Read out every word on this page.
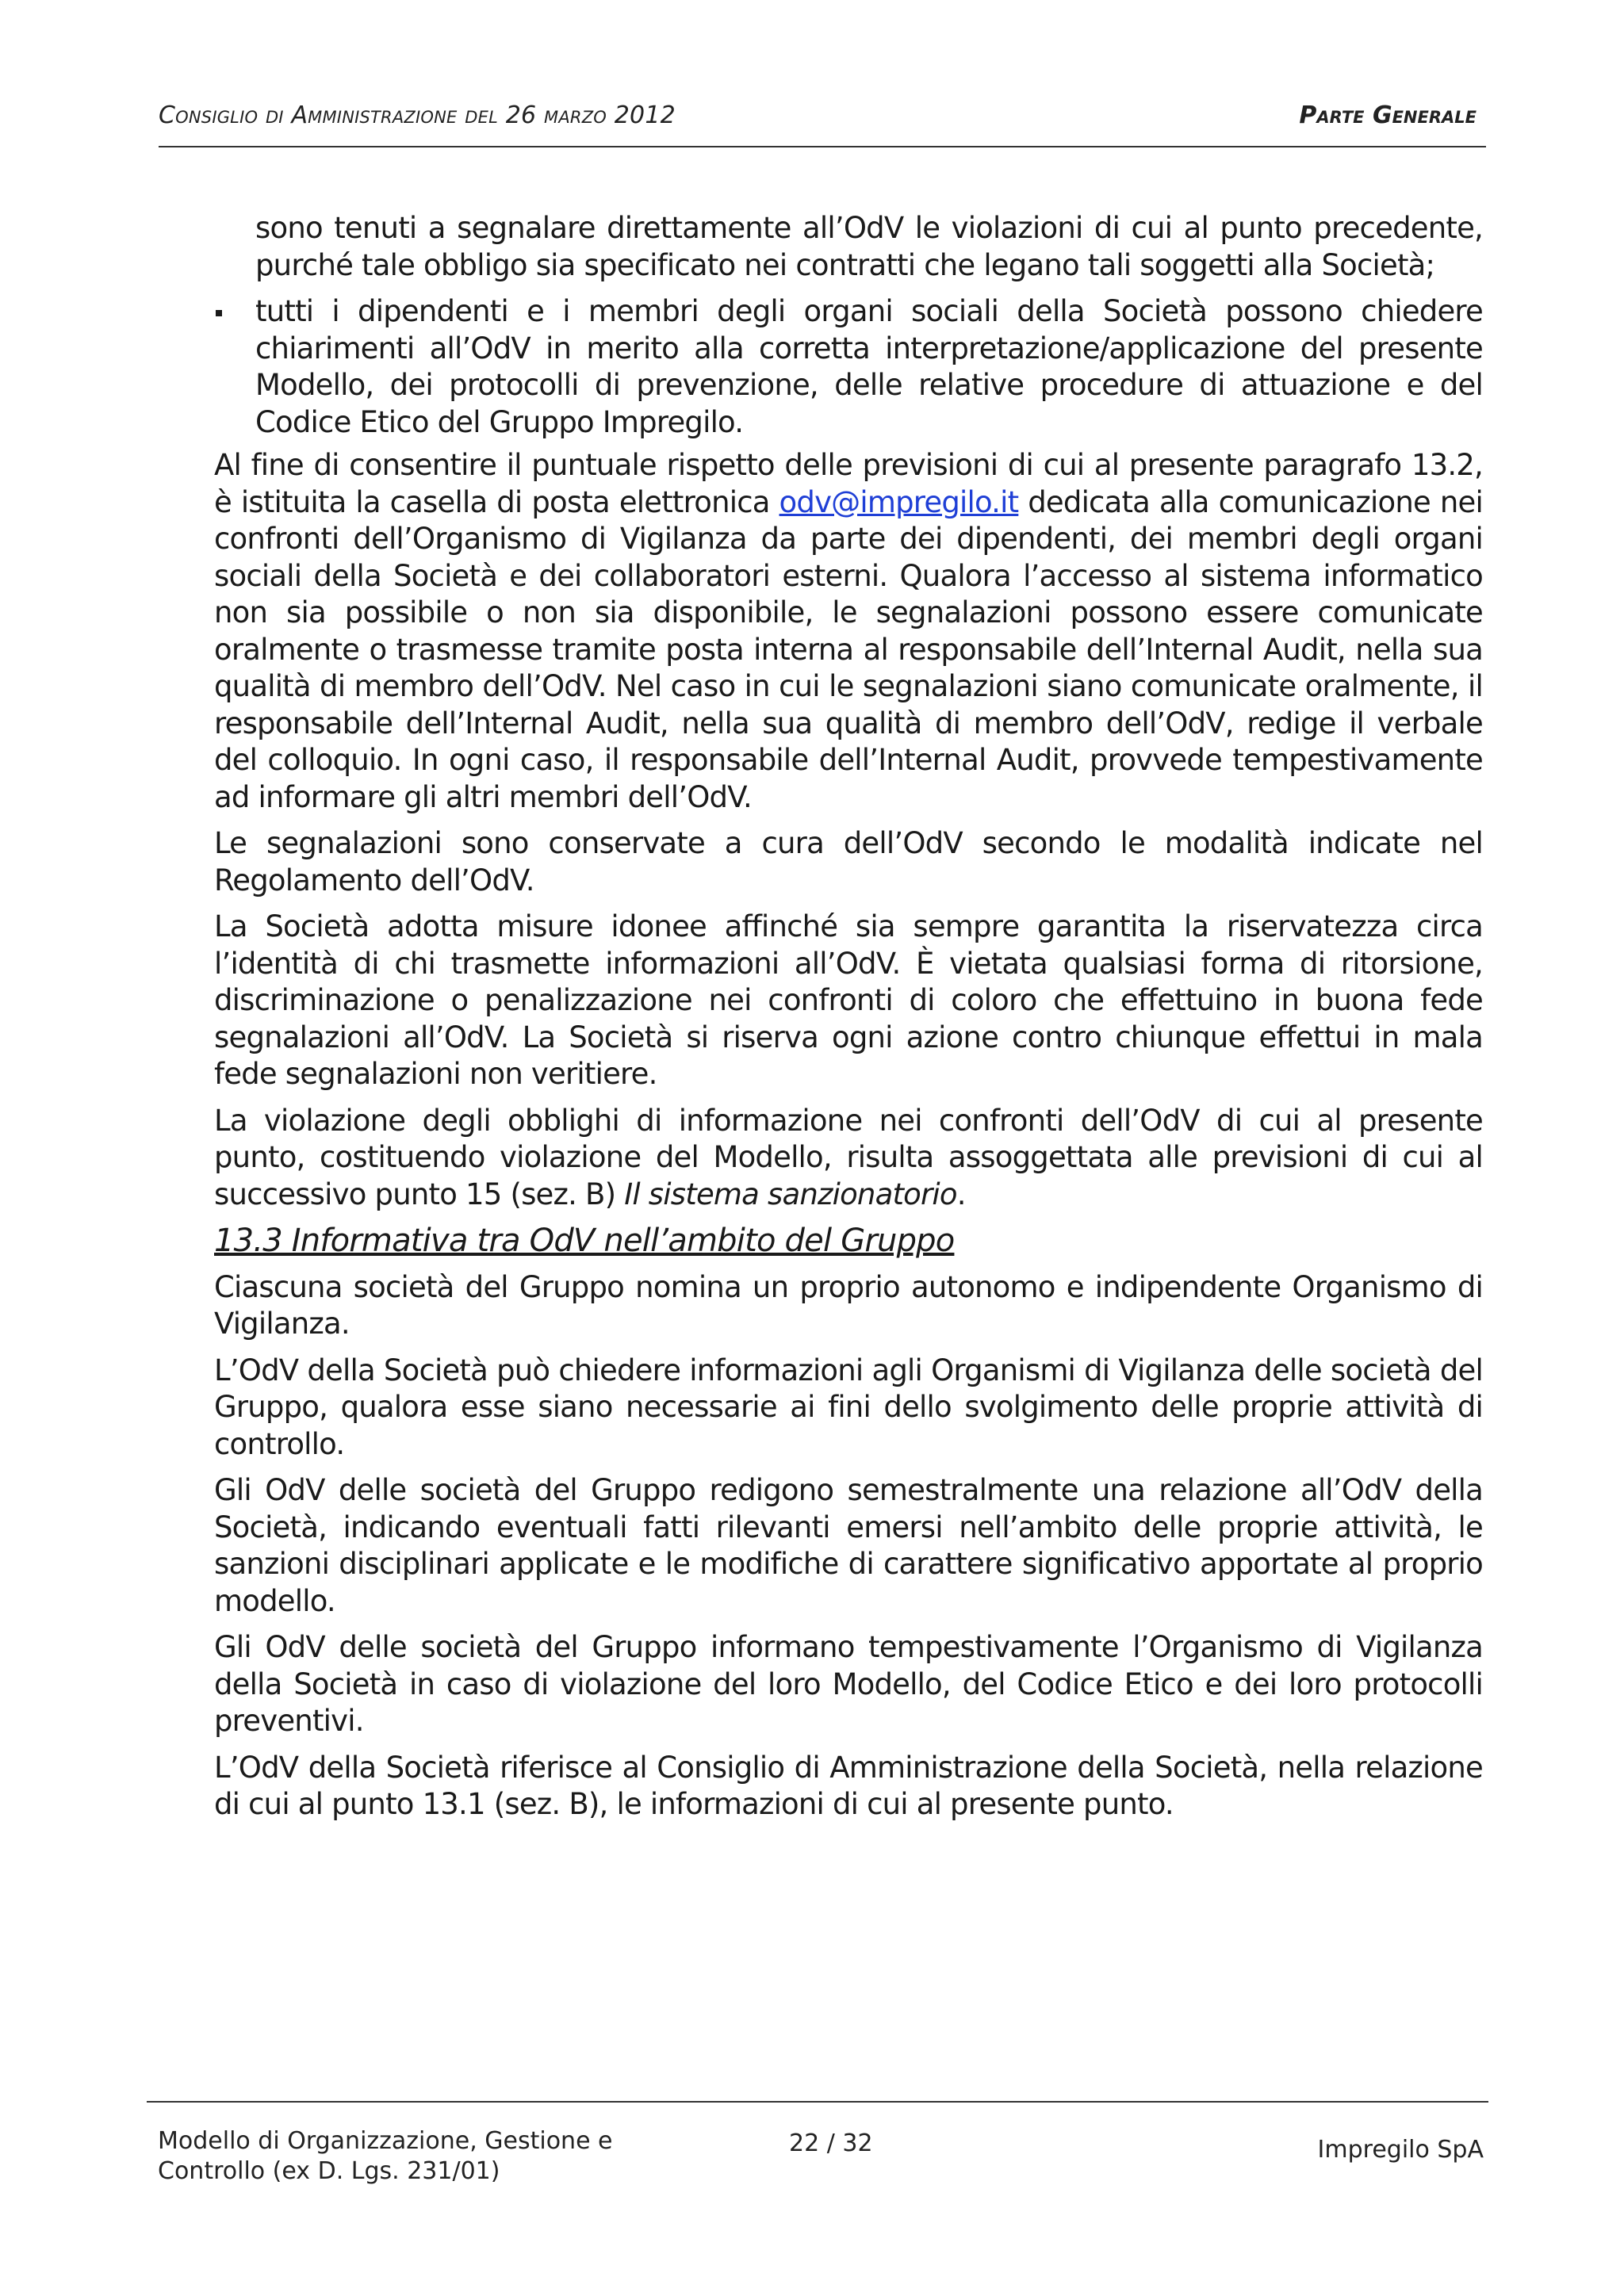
Consiglio di Amministrazione del 26 marzo 2012	Parte Generale

sono tenuti a segnalare direttamente all’OdV le violazioni di cui al punto precedente, purché tale obbligo sia specificato nei contratti che legano tali soggetti alla Società;

tutti i dipendenti e i membri degli organi sociali della Società possono chiedere chiarimenti all’OdV in merito alla corretta interpretazione/applicazione del presente Modello, dei protocolli di prevenzione, delle relative procedure di attuazione e del Codice Etico del Gruppo Impregilo.

Al fine di consentire il puntuale rispetto delle previsioni di cui al presente paragrafo 13.2, è istituita la casella di posta elettronica odv@impregilo.it dedicata alla comunicazione nei confronti dell’Organismo di Vigilanza da parte dei dipendenti, dei membri degli organi sociali della Società e dei collaboratori esterni. Qualora l’accesso al sistema informatico non sia possibile o non sia disponibile, le segnalazioni possono essere comunicate oralmente o trasmesse tramite posta interna al responsabile dell’Internal Audit, nella sua qualità di membro dell’OdV. Nel caso in cui le segnalazioni siano comunicate oralmente, il responsabile dell’Internal Audit, nella sua qualità di membro dell’OdV, redige il verbale del colloquio. In ogni caso, il responsabile dell’Internal Audit, provvede tempestivamente ad informare gli altri membri dell’OdV.

Le segnalazioni sono conservate a cura dell’OdV secondo le modalità indicate nel Regolamento dell’OdV.

La Società adotta misure idonee affinché sia sempre garantita la riservatezza circa l’identità di chi trasmette informazioni all’OdV. È vietata qualsiasi forma di ritorsione, discriminazione o penalizzazione nei confronti di coloro che effettuino in buona fede segnalazioni all’OdV. La Società si riserva ogni azione contro chiunque effettui in mala fede segnalazioni non veritiere.

La violazione degli obblighi di informazione nei confronti dell’OdV di cui al presente punto, costituendo violazione del Modello, risulta assoggettata alle previsioni di cui al successivo punto 15 (sez. B) Il sistema sanzionatorio.

13.3 Informativa tra OdV nell’ambito del Gruppo

Ciascuna società del Gruppo nomina un proprio autonomo e indipendente Organismo di Vigilanza.

L’OdV della Società può chiedere informazioni agli Organismi di Vigilanza delle società del Gruppo, qualora esse siano necessarie ai fini dello svolgimento delle proprie attività di controllo.

Gli OdV delle società del Gruppo redigono semestralmente una relazione all’OdV della Società, indicando eventuali fatti rilevanti emersi nell’ambito delle proprie attività, le sanzioni disciplinari applicate e le modifiche di carattere significativo apportate al proprio modello.

Gli OdV delle società del Gruppo informano tempestivamente l’Organismo di Vigilanza della Società in caso di violazione del loro Modello, del Codice Etico e dei loro protocolli preventivi.

L’OdV della Società riferisce al Consiglio di Amministrazione della Società, nella relazione di cui al punto 13.1 (sez. B), le informazioni di cui al presente punto.

Modello di Organizzazione, Gestione e
Controllo (ex D. Lgs. 231/01)
22 / 32	Impregilo SpA
